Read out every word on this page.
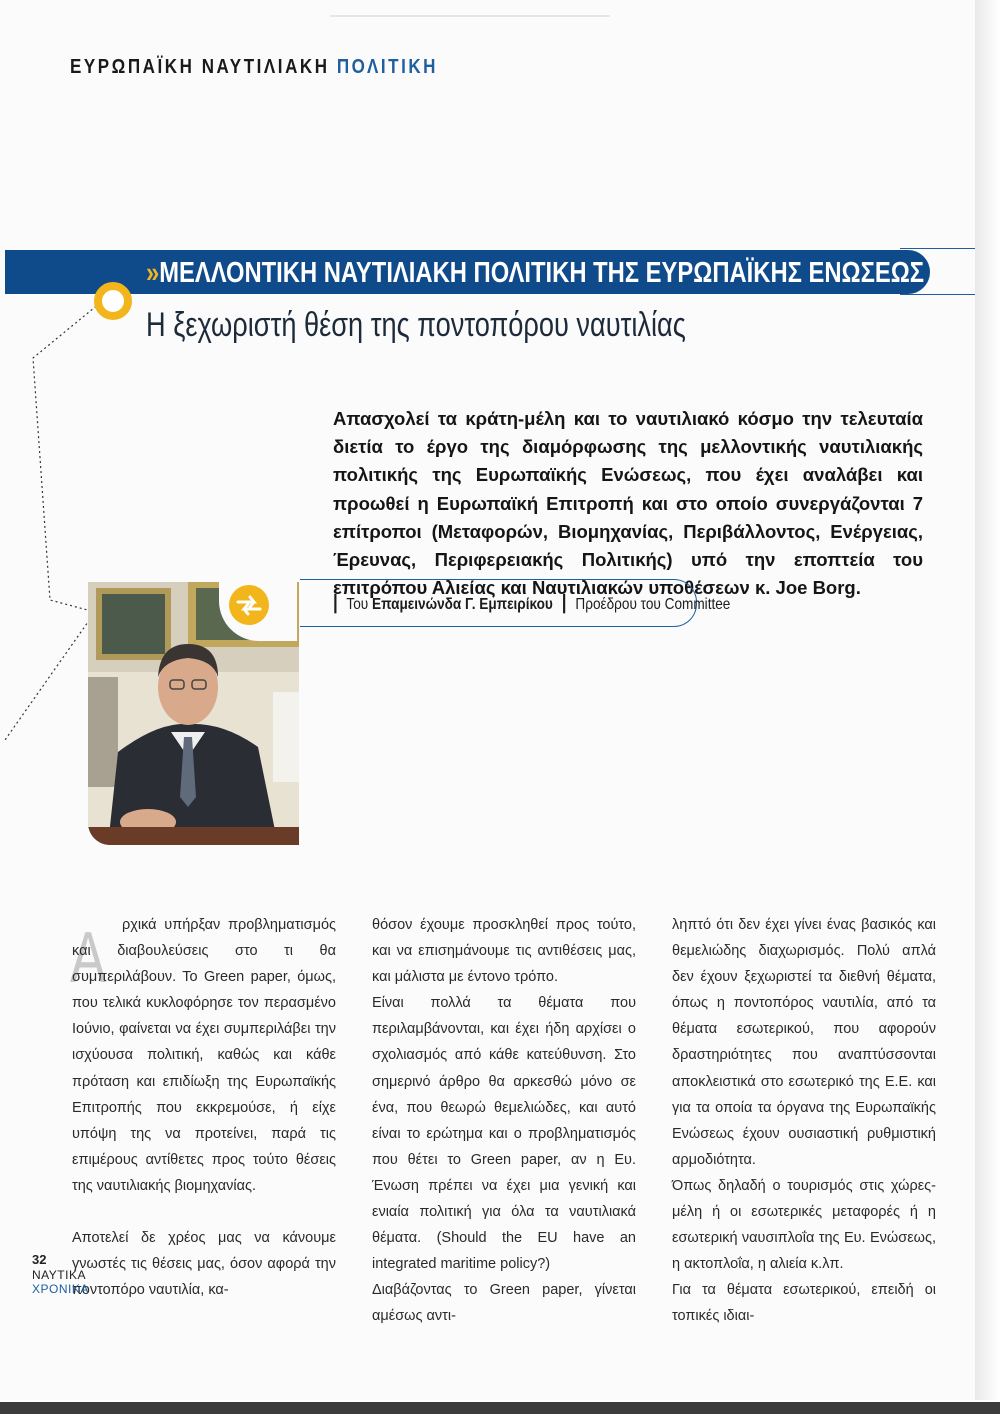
ΕΥΡΩΠΑΪΚΗ ΝΑΥΤΙΛΙΑΚΗ ΠΟΛΙΤΙΚΗ
»ΜΕΛΛΟΝΤΙΚΗ ΝΑΥΤΙΛΙΑΚΗ ΠΟΛΙΤΙΚΗ ΤΗΣ ΕΥΡΩΠΑΪΚΗΣ ΕΝΩΣΕΩΣ
Η ξεχωριστή θέση της ποντοπόρου ναυτιλίας
Απασχολεί τα κράτη-μέλη και το ναυτιλιακό κόσμο την τελευταία διετία το έργο της διαμόρφωσης της μελλοντικής ναυτιλιακής πολιτικής της Ευρωπαϊκής Ενώσεως, που έχει αναλάβει και προωθεί η Ευρωπαϊκή Επιτροπή και στο οποίο συνεργάζονται 7 επίτροποι (Μεταφορών, Βιομηχανίας, Περιβάλλοντος, Ενέργειας, Έρευνας, Περιφερειακής Πολιτικής) υπό την εποπτεία του επιτρόπου Αλιείας και Ναυτιλιακών υποθέσεων κ. Joe Borg.
| Του Επαμεινώνδα Γ. Εμπειρίκου | Προέδρου του Committee
Α	ρχικά υπήρξαν προβληματισμός και διαβουλεύσεις στο τι θα συμπεριλάβουν. Το Green paper, όμως, που τελικά κυκλοφόρησε τον περασμένο Ιούνιο, φαίνεται να έχει συμπεριλάβει την ισχύουσα πολιτική, καθώς και κάθε πρόταση και επιδίωξη της Ευρωπαϊκής Επιτροπής που εκκρεμούσε, ή είχε υπόψη της να προτείνει, παρά τις επιμέρους αντίθετες προς τούτο θέσεις της ναυτιλιακής βιομηχανίας.

Αποτελεί δε χρέος μας να κάνουμε γνωστές τις θέσεις μας, όσον αφορά την ποντοπόρο ναυτιλία, κα-

θόσον έχουμε προσκληθεί προς τούτο, και να επισημάνουμε τις αντιθέσεις μας, και μάλιστα με έντονο τρόπο.

Είναι πολλά τα θέματα που περιλαμβάνονται, και έχει ήδη αρχίσει ο σχολιασμός από κάθε κατεύθυνση. Στο σημερινό άρθρο θα αρκεσθώ μόνο σε ένα, που θεωρώ θεμελιώδες, και αυτό είναι το ερώτημα και ο προβληματισμός που θέτει το Green paper, αν η Ευ. Ένωση πρέπει να έχει μια γενική και ενιαία πολιτική για όλα τα ναυτιλιακά θέματα. (Should the EU have an integrated maritime policy?)

Διαβάζοντας το Green paper, γίνεται αμέσως αντι-

ληπτό ότι δεν έχει γίνει ένας βασικός και θεμελιώδης διαχωρισμός. Πολύ απλά δεν έχουν ξεχωριστεί τα διεθνή θέματα, όπως η ποντοπόρος ναυτιλία, από τα θέματα εσωτερικού, που αφορούν δραστηριότητες που αναπτύσσονται αποκλειστικά στο εσωτερικό της Ε.Ε. και για τα οποία τα όργανα της Ευρωπαϊκής Ενώσεως έχουν ουσιαστική ρυθμιστική αρμοδιότητα.

Όπως δηλαδή ο τουρισμός στις χώρες-μέλη ή οι εσωτερικές μεταφορές ή η εσωτερική ναυσιπλοΐα της Ευ. Ενώσεως, η ακτοπλοΐα, η αλιεία κ.λπ.

Για τα θέματα εσωτερικού, επειδή οι τοπικές ιδιαι-

32
ΝΑΥΤΙΚΑ
ΧΡΟΝΙΚΑ
